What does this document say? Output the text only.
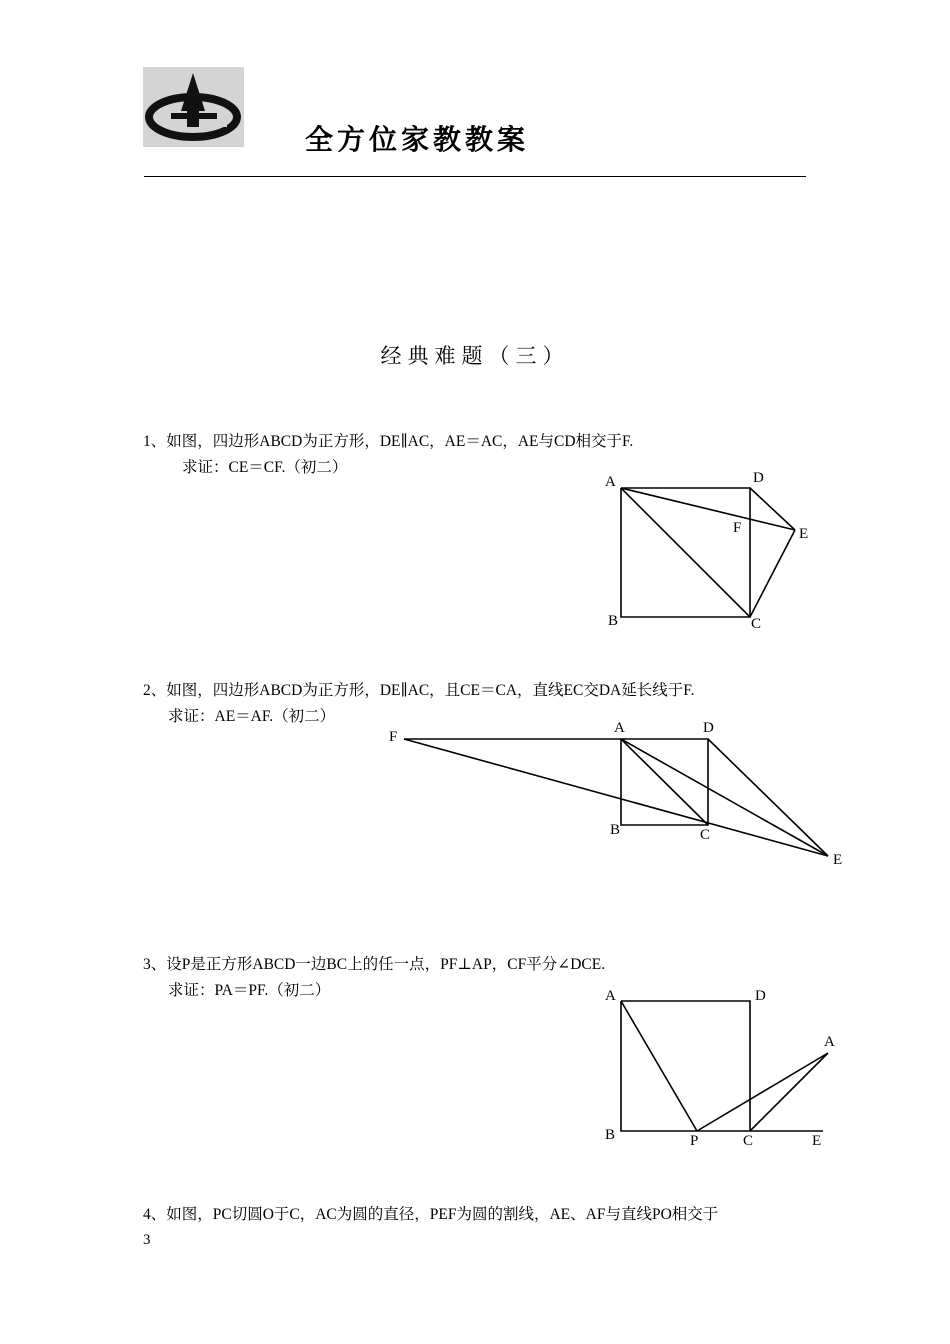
全方位家教教案
经典难题（三）
1、如图，四边形ABCD为正方形，DE∥AC，AE＝AC，AE与CD相交于F.
求证：CE＝CF.（初二）
A	D
F	E
B	C
2、如图，四边形ABCD为正方形，DE∥AC，且CE＝CA，直线EC交DA延长线于F.
求证：AE＝AF.（初二）
F
A	D
B	C
E
3、设P是正方形ABCD一边BC上的任一点，PF⊥AP，CF平分∠DCE.
求证：PA＝PF.（初二）	A	D
A
B	P	C	E
4、如图，PC切圆O于C，AC为圆的直径，PEF为圆的割线，AE、AF与直线PO相交于
3
